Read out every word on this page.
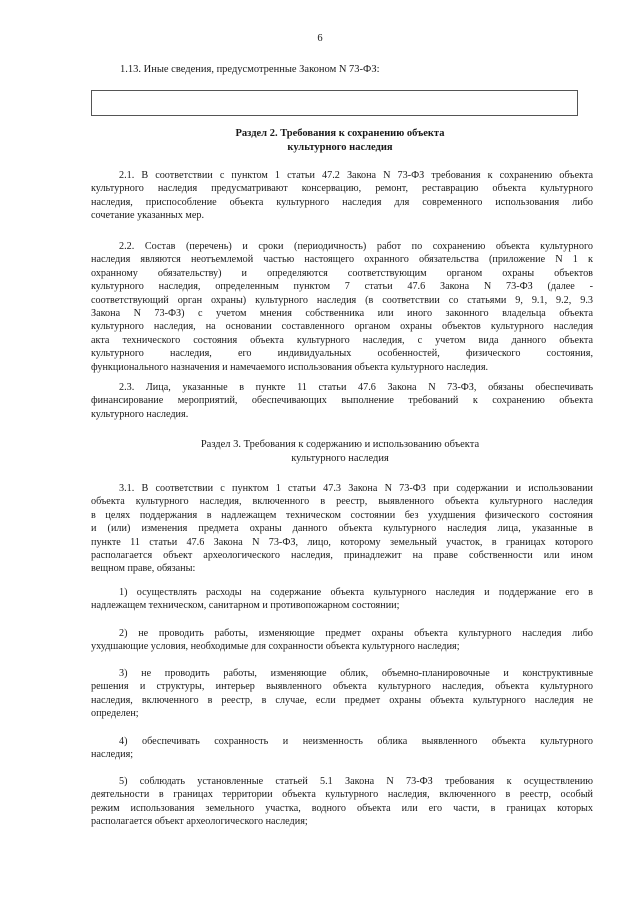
6
1.13. Иные сведения, предусмотренные Законом N 73-ФЗ:
Раздел 2. Требования к сохранению объекта
культурного наследия
2.1. В соответствии с пунктом 1 статьи 47.2 Закона N 73-ФЗ требования к сохранению объекта
культурного наследия предусматривают консервацию, ремонт, реставрацию объекта культурного
наследия, приспособление объекта культурного наследия для современного использования либо
сочетание указанных мер.
2.2. Состав (перечень) и сроки (периодичность) работ по сохранению объекта культурного
наследия являются неотъемлемой частью настоящего охранного обязательства (приложение N 1 к
охранному обязательству) и определяются соответствующим органом охраны объектов
культурного наследия, определенным пунктом 7 статьи 47.6 Закона N 73-ФЗ (далее -
соответствующий орган охраны) культурного наследия (в соответствии со статьями 9, 9.1, 9.2, 9.3
Закона N 73-ФЗ) с учетом мнения собственника или иного законного владельца объекта
культурного наследия, на основании составленного органом охраны объектов культурного наследия
акта технического состояния объекта культурного наследия, с учетом вида данного объекта
культурного наследия, его индивидуальных особенностей, физического состояния,
функционального назначения и намечаемого использования объекта культурного наследия.
2.3. Лица, указанные в пункте 11 статьи 47.6 Закона N 73-ФЗ, обязаны обеспечивать
финансирование мероприятий, обеспечивающих выполнение требований к сохранению объекта
культурного наследия.
Раздел 3. Требования к содержанию и использованию объекта
культурного наследия
3.1. В соответствии с пунктом 1 статьи 47.3 Закона N 73-ФЗ при содержании и использовании
объекта культурного наследия, включенного в реестр, выявленного объекта культурного наследия
в целях поддержания в надлежащем техническом состоянии без ухудшения физического состояния
и (или) изменения предмета охраны данного объекта культурного наследия лица, указанные в
пункте 11 статьи 47.6 Закона N 73-ФЗ, лицо, которому земельный участок, в границах которого
располагается объект археологического наследия, принадлежит на праве собственности или ином
вещном праве, обязаны:
1) осуществлять расходы на содержание объекта культурного наследия и поддержание его в
надлежащем техническом, санитарном и противопожарном состоянии;
2) не проводить работы, изменяющие предмет охраны объекта культурного наследия либо
ухудшающие условия, необходимые для сохранности объекта культурного наследия;
3) не проводить работы, изменяющие облик, объемно-планировочные и конструктивные
решения и структуры, интерьер выявленного объекта культурного наследия, объекта культурного
наследия, включенного в реестр, в случае, если предмет охраны объекта культурного наследия не
определен;
4) обеспечивать сохранность и неизменность облика выявленного объекта культурного
наследия;
5) соблюдать установленные статьей 5.1 Закона N 73-ФЗ требования к осуществлению
деятельности в границах территории объекта культурного наследия, включенного в реестр, особый
режим использования земельного участка, водного объекта или его части, в границах которых
располагается объект археологического наследия;
